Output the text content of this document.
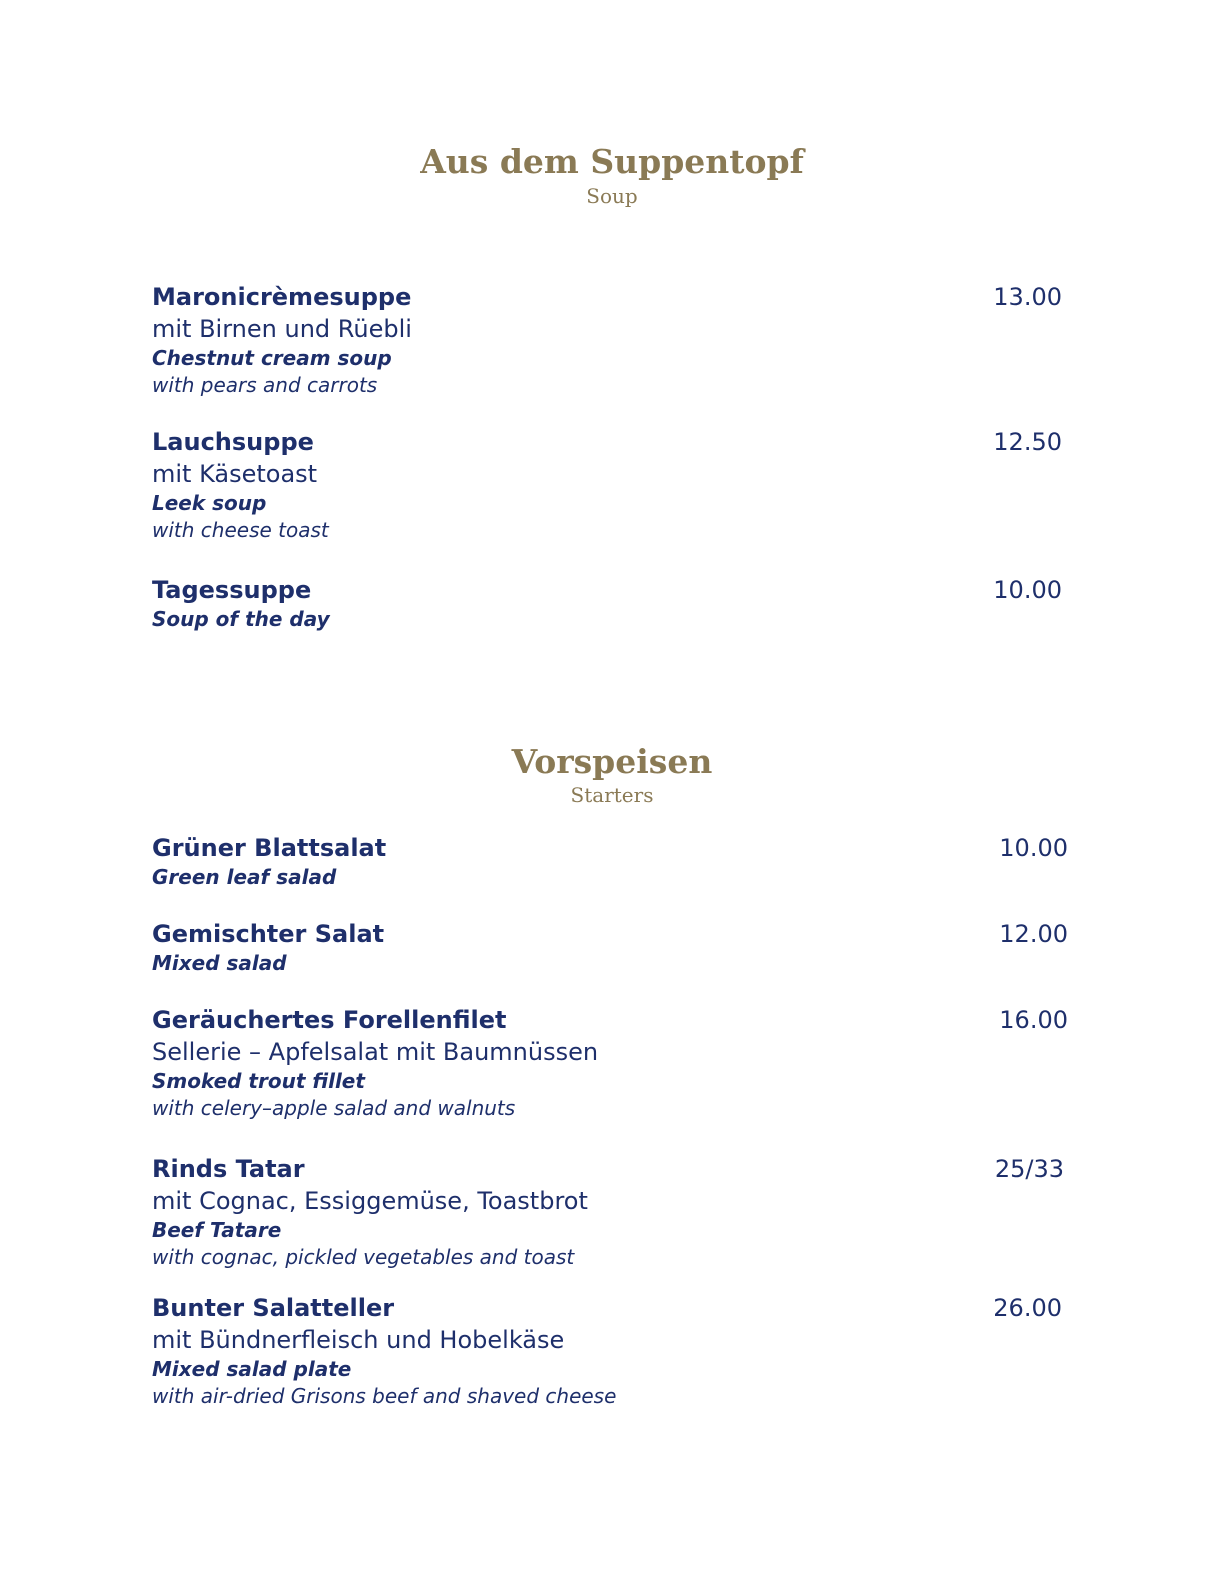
Aus dem Suppentopf
Soup
Maronicrèmesuppe
mit Birnen und Rüebli
Chestnut cream soup
with pears and carrots
13.00
Lauchsuppe
mit Käsetoast
Leek soup
with cheese toast
12.50
Tagessuppe
Soup of the day
10.00
Vorspeisen
Starters
Grüner Blattsalat
Green leaf salad
10.00
Gemischter Salat
Mixed salad
12.00
Geräuchertes Forellenfilet
Sellerie – Apfelsalat mit Baumnüssen
Smoked trout fillet
with celery–apple salad and walnuts
16.00
Rinds Tatar
mit Cognac, Essiggemüse, Toastbrot
Beef Tatare
with cognac, pickled vegetables and toast
25/33
Bunter Salatteller
mit Bündnerfleisch und Hobelkäse
Mixed salad plate
with air-dried Grisons beef and shaved cheese
26.00
